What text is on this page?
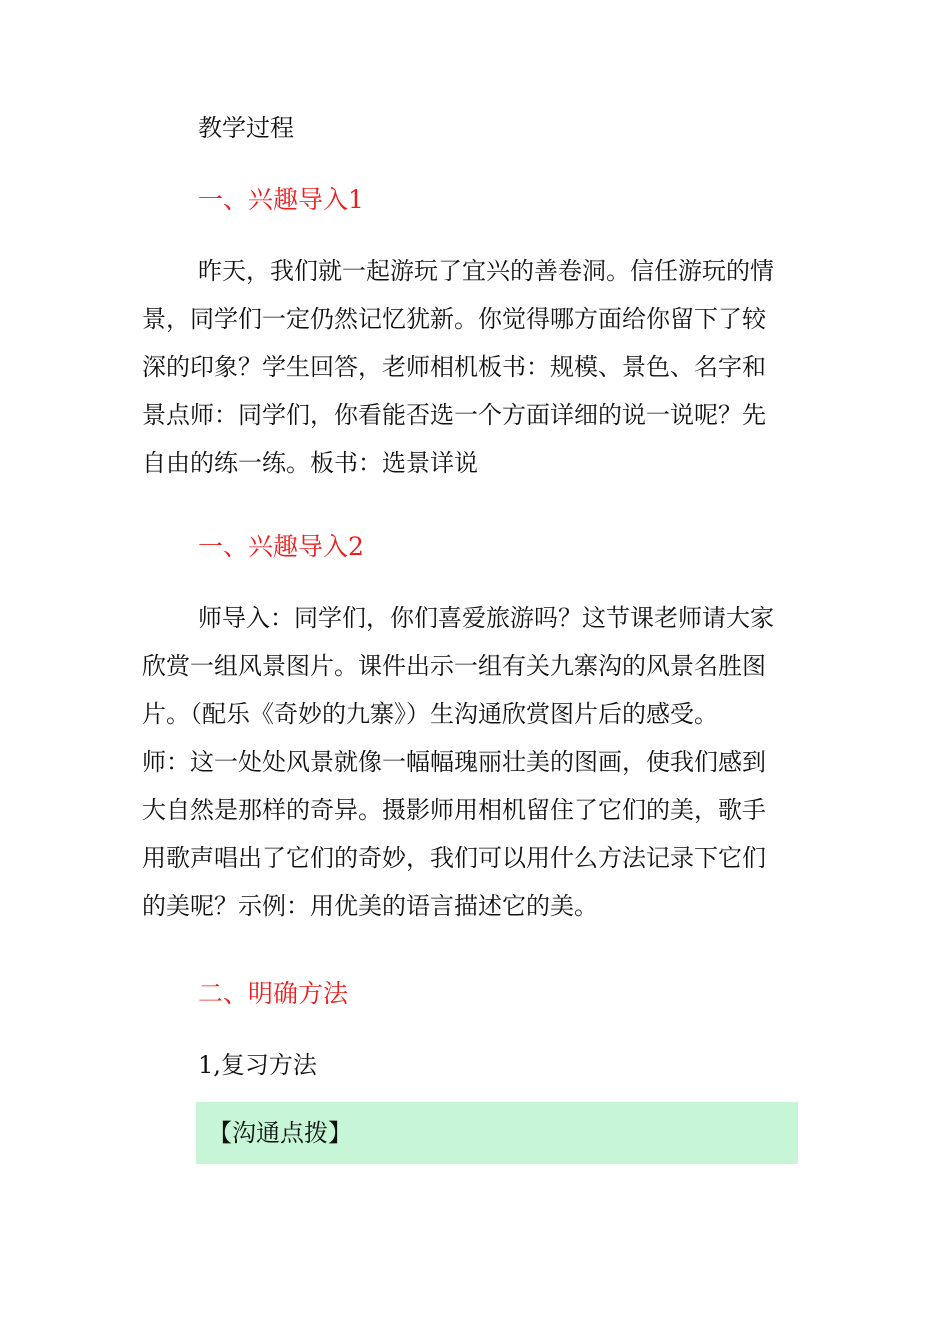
教学过程
一、兴趣导入1
昨天，我们就一起游玩了宜兴的善卷洞。信任游玩的情
景，同学们一定仍然记忆犹新。你觉得哪方面给你留下了较
深的印象？学生回答，老师相机板书：规模、景色、名字和
景点师：同学们，你看能否选一个方面详细的说一说呢？先
自由的练一练。板书：选景详说
一、兴趣导入2
师导入：同学们，你们喜爱旅游吗？这节课老师请大家
欣赏一组风景图片。课件出示一组有关九寨沟的风景名胜图
片。（配乐《奇妙的九寨》）生沟通欣赏图片后的感受。
师：这一处处风景就像一幅幅瑰丽壮美的图画，使我们感到
大自然是那样的奇异。摄影师用相机留住了它们的美，歌手
用歌声唱出了它们的奇妙，我们可以用什么方法记录下它们
的美呢？示例：用优美的语言描述它的美。
二、明确方法
1,复习方法
【沟通点拨】
